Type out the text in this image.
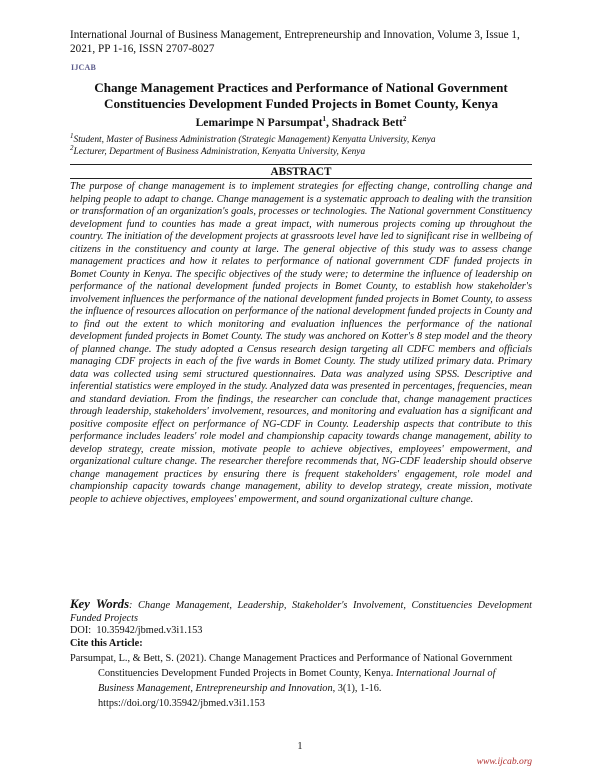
International Journal of Business Management, Entrepreneurship and Innovation, Volume 3, Issue 1,
2021, PP 1-16, ISSN 2707-8027
IJCAB
Change Management Practices and Performance of National Government Constituencies Development Funded Projects in Bomet County, Kenya
Lemarimpe N Parsumpat$^1$, Shadrack Bett$^2$
$^1$Student, Master of Business Administration (Strategic Management) Kenyatta University, Kenya
$^2$Lecturer, Department of Business Administration, Kenyatta University, Kenya
ABSTRACT

The purpose of change management is to implement strategies for effecting change, controlling change and helping people to adapt to change. Change management is a systematic approach to dealing with the transition or transformation of an organization's goals, processes or technologies. The National government Constituency development fund to counties has made a great impact, with numerous projects coming up throughout the country. The initiation of the development projects at grassroots level have led to significant rise in wellbeing of citizens in the constituency and county at large. The general objective of this study was to assess change management practices and how it relates to performance of national government CDF funded projects in Bomet County in Kenya. The specific objectives of the study were; to determine the influence of leadership on performance of the national development funded projects in Bomet County, to establish how stakeholder's involvement influences the performance of the national development funded projects in Bomet County, to assess the influence of resources allocation on performance of the national development funded projects in County and to find out the extent to which monitoring and evaluation influences the performance of the national development funded projects in Bomet County. The study was anchored on Kotter's 8 step model and the theory of planned change. The study adopted a Census research design targeting all CDFC members and officials managing CDF projects in each of the five wards in Bomet County. The study utilized primary data. Primary data was collected using semi structured questionnaires. Data was analyzed using SPSS. Descriptive and inferential statistics were employed in the study. Analyzed data was presented in percentages, frequencies, mean and standard deviation. From the findings, the researcher can conclude that, change management practices through leadership, stakeholders' involvement, resources, and monitoring and evaluation has a significant and positive composite effect on performance of NG-CDF in County. Leadership aspects that contribute to this performance includes leaders' role model and championship capacity towards change management, ability to develop strategy, create mission, motivate people to achieve objectives, employees' empowerment, and organizational culture change. The researcher therefore recommends that, NG-CDF leadership should observe change management practices by ensuring there is frequent stakeholders' engagement, role model and championship capacity towards change management, ability to develop strategy, create mission, motivate people to achieve objectives, employees' empowerment, and sound organizational culture change.

Key Words: Change Management, Leadership, Stakeholder's Involvement, Constituencies Development Funded Projects
DOI: 10.35942/jbmed.v3i1.153
Cite this Article:

Parsumpat, L., & Bett, S. (2021). Change Management Practices and Performance of National Government Constituencies Development Funded Projects in Bomet County, Kenya. International Journal of Business Management, Entrepreneurship and Innovation, 3(1), 1-16. https://doi.org/10.35942/jbmed.v3i1.153

1
www.ijcab.org
